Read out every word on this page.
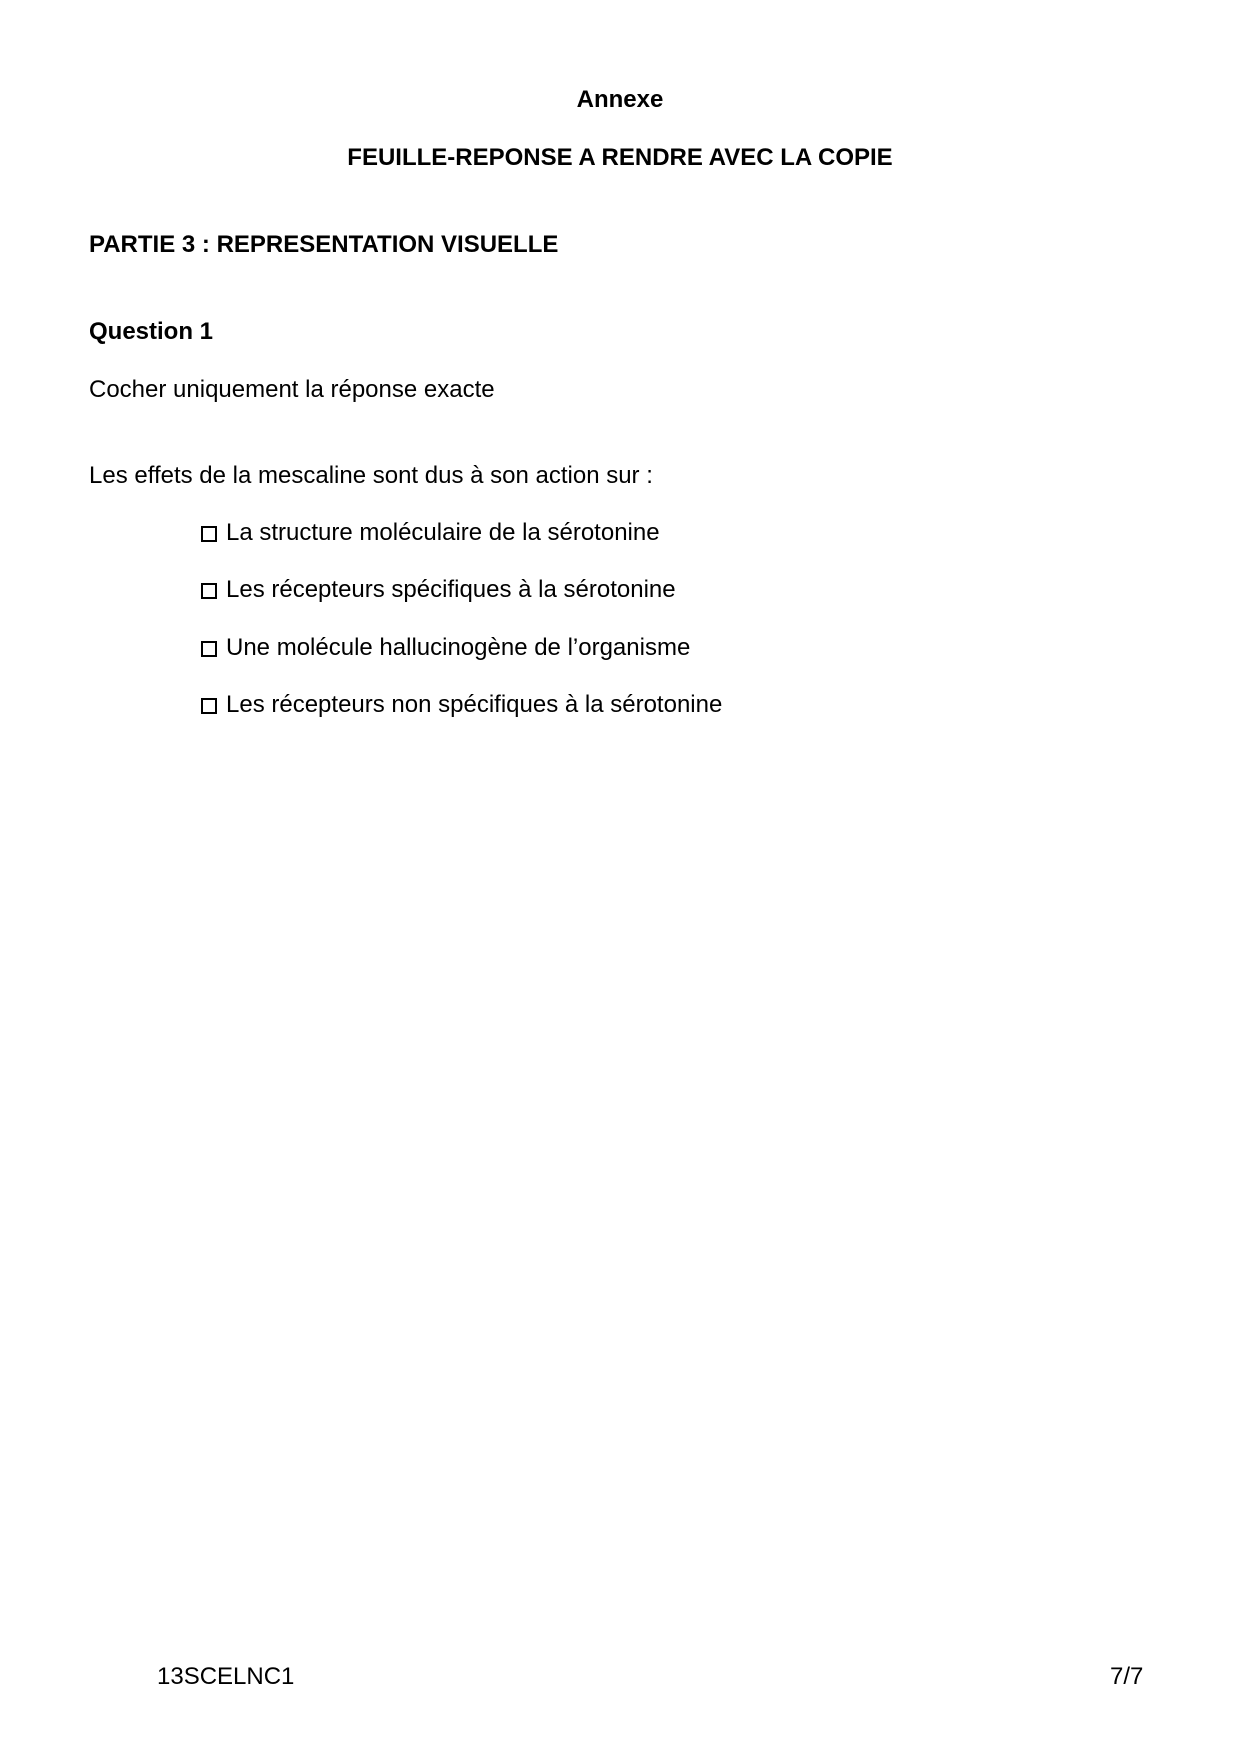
Annexe
FEUILLE-REPONSE A RENDRE AVEC LA COPIE
PARTIE 3 : REPRESENTATION VISUELLE
Question 1
Cocher uniquement la réponse exacte
Les effets de la mescaline sont dus à son action sur :
La structure moléculaire de la sérotonine
Les récepteurs spécifiques à la sérotonine
Une molécule hallucinogène de l’organisme
Les récepteurs non spécifiques à la sérotonine
13SCELNC1	7/7
